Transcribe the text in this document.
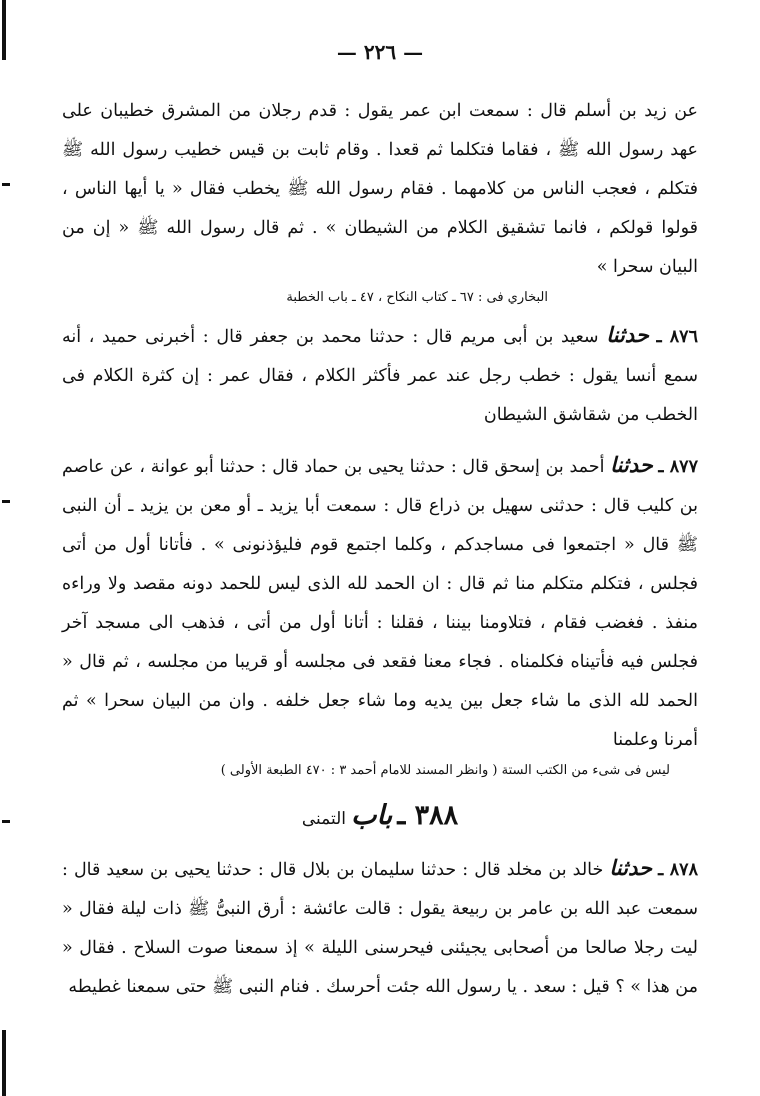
— ٢٢٦ —

عن زيد بن أسلم قال : سمعت ابن عمر يقول : قدم رجلان من المشرق خطيبان على عهد رسول الله ﷺ ، فقاما فتكلما ثم قعدا . وقام ثابت بن قيس خطيب رسول الله ﷺ فتكلم ، فعجب الناس من كلامهما . فقام رسول الله ﷺ يخطب فقال « يا أيها الناس ، قولوا قولكم ، فانما تشقيق الكلام من الشيطان » . ثم قال رسول الله ﷺ « إن من البيان سحرا »

البخاري فى : ٦٧ ـ كتاب النكاح ، ٤٧ ـ باب الخطبة

٨٧٦ ـ حدثنا سعيد بن أبى مريم قال : حدثنا محمد بن جعفر قال : أخبرنى حميد ، أنه سمع أنسا يقول : خطب رجل عند عمر فأكثر الكلام ، فقال عمر : إن كثرة الكلام فى الخطب من شقاشق الشيطان

٨٧٧ ـ حدثنا أحمد بن إسحق قال : حدثنا يحيى بن حماد قال : حدثنا أبو عوانة ، عن عاصم بن كليب قال : حدثنى سهيل بن ذراع قال : سمعت أبا يزيد ـ أو معن بن يزيد ـ أن النبى ﷺ قال « اجتمعوا فى مساجدكم ، وكلما اجتمع قوم فليؤذنونى » . فأتانا أول من أتى فجلس ، فتكلم متكلم منا ثم قال : ان الحمد لله الذى ليس للحمد دونه مقصد ولا وراءه منفذ . فغضب فقام ، فتلاومنا بيننا ، فقلنا : أتانا أول من أتى ، فذهب الى مسجد آخر فجلس فيه فأتيناه فكلمناه . فجاء معنا فقعد فى مجلسه أو قريبا من مجلسه ، ثم قال « الحمد لله الذى ما شاء جعل بين يديه وما شاء جعل خلفه . وان من البيان سحرا » ثم أمرنا وعلمنا

ليس فى شىء من الكتب الستة ( وانظر المسند للامام أحمد ٣ : ٤٧٠ الطبعة الأولى )

٣٨٨ ـ باب التمنى

٨٧٨ ـ حدثنا خالد بن مخلد قال : حدثنا سليمان بن بلال قال : حدثنا يحيى بن سعيد قال : سمعت عبد الله بن عامر بن ربيعة يقول : قالت عائشة : أرق النبىُّ ﷺ ذات ليلة فقال « ليت رجلا صالحا من أصحابى يجيئنى فيحرسنى الليلة » إذ سمعنا صوت السلاح . فقال « من هذا » ؟ قيل : سعد . يا رسول الله جئت أحرسك . فنام النبى ﷺ حتى سمعنا غطيطه
